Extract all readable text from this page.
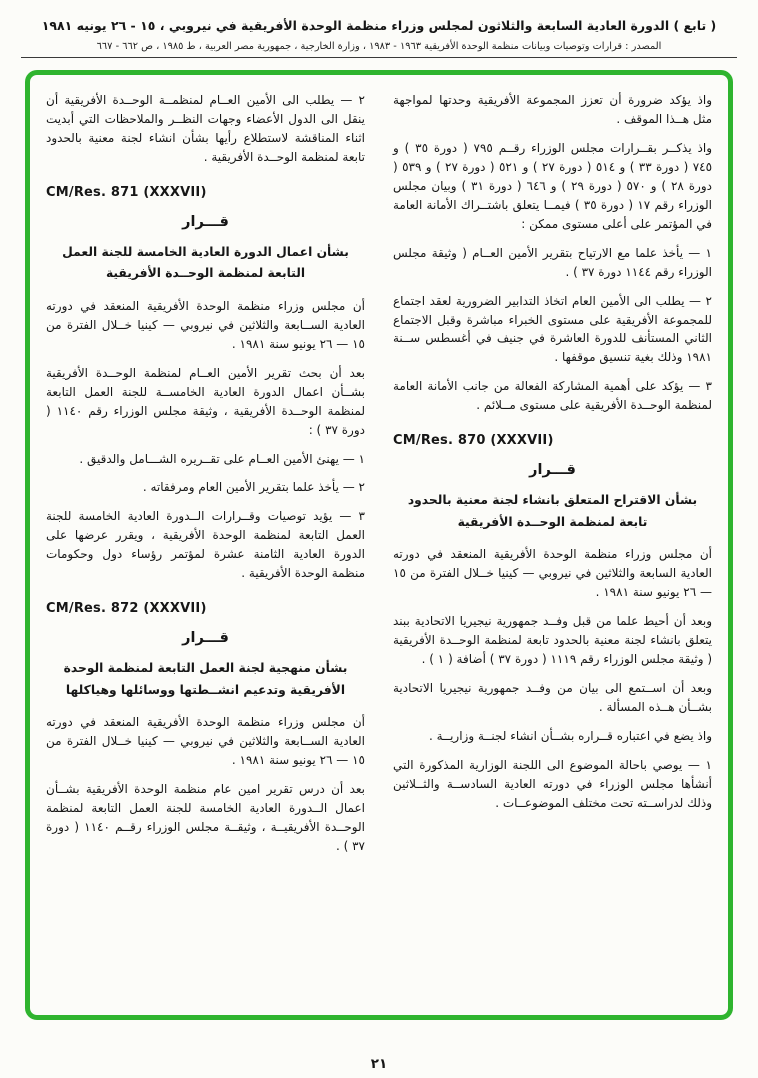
( تابع ) الدورة العادية السابعة والثلاثون لمجلس وزراء منظمة الوحدة الأفريقية في نيروبي ، ١٥ - ٢٦ يونيه ١٩٨١
المصدر : قرارات وتوصيات وبيانات منظمة الوحدة الأفريقية ١٩٦٣ - ١٩٨٣ ، وزارة الخارجية ، جمهورية مصر العربية ، ط ١٩٨٥ ، ص ٦٦٢ - ٦٦٧

واذ يؤكد ضرورة أن تعزز المجموعة الأفريقية وحدتها لمواجهة مثل هــذا الموقف .

واذ يذكــر بقــرارات مجلس الوزراء رقــم ٧٩٥ ( دورة ٣٥ ) و ٧٤٥ ( دورة ٣٣ ) و ٥١٤ ( دورة ٢٧ ) و ٥٢١ ( دورة ٢٧ ) و ٥٣٩ ( دورة ٢٨ ) و ٥٧٠ ( دورة ٢٩ ) و ٦٤٦ ( دورة ٣١ ) وبيان مجلس الوزراء رقم ١٧ ( دورة ٣٥ ) فيمــا يتعلق باشتــراك الأمانة العامة في المؤتمر على أعلى مستوى ممكن :

١ — يأخذ علما مع الارتياح بتقرير الأمين العــام ( وثيقة مجلس الوزراء رقم ١١٤٤ دورة ٣٧ ) .

٢ — يطلب الى الأمين العام اتخاذ التدابير الضرورية لعقد اجتماع للمجموعة الأفريقية على مستوى الخبراء مباشرة وقبل الاجتماع الثاني المستأنف للدورة العاشرة في جنيف في أغسطس ســنة ١٩٨١ وذلك بغية تنسيق موقفها .

٣ — يؤكد على أهمية المشاركة الفعالة من جانب الأمانة العامة لمنظمة الوحــدة الأفريقية على مستوى مــلائم .

CM/Res. 870 (XXXVII)
قـــرار
بشأن الاقتراح المتعلق بانشاء لجنة معنية بالحدود تابعة لمنظمة الوحــدة الأفريقية

أن مجلس وزراء منظمة الوحدة الأفريقية المنعقد في دورته العادية السابعة والثلاثين في نيروبي — كينيا خــلال الفترة من ١٥ — ٢٦ يونيو سنة ١٩٨١ .

وبعد أن أحيط علما من قبل وفــد جمهورية نيجيريا الاتحادية ببند يتعلق بانشاء لجنة معنية بالحدود تابعة لمنظمة الوحــدة الأفريقية ( وثيقة مجلس الوزراء رقم ١١١٩ ( دورة ٣٧ ) أضافة ( ١ ) .

وبعد أن اســتمع الى بيان من وفــد جمهورية نيجيريا الاتحادية بشــأن هــذه المسألة .

واذ يضع في اعتباره قــراره بشــأن انشاء لجنــة وزاريــة .

١ — يوصي باحالة الموضوع الى اللجنة الوزارية المذكورة التي أنشأها مجلس الوزراء في دورته العادية السادســة والثــلاثين وذلك لدراســته تحت مختلف الموضوعــات .

٢ — يطلب الى الأمين العــام لمنظمــة الوحــدة الأفريقية أن ينقل الى الدول الأعضاء وجهات النظــر والملاحظات التي أبديت اثناء المناقشة لاستطلاع رأيها بشأن انشاء لجنة معنية بالحدود تابعة لمنظمة الوحــدة الأفريقية .

CM/Res. 871 (XXXVII)
قـــرار
بشأن اعمال الدورة العادية الخامسة للجنة العمل التابعة لمنظمة الوحــدة الأفريقية

أن مجلس وزراء منظمة الوحدة الأفريقية المنعقد في دورته العادية الســابعة والثلاثين في نيروبي — كينيا خــلال الفترة من ١٥ — ٢٦ يونيو سنة ١٩٨١ .

بعد أن بحث تقرير الأمين العــام لمنظمة الوحــدة الأفريقية بشــأن اعمال الدورة العادية الخامســة للجنة العمل التابعة لمنظمة الوحــدة الأفريقية ، وثيقة مجلس الوزراء رقم ١١٤٠ ( دورة ٣٧ ) :

١ — يهنئ الأمين العــام على تقــريره الشـــامل والدقيق .

٢ — يأخذ علما بتقرير الأمين العام ومرفقاته .

٣ — يؤيد توصيات وقــرارات الــدورة العادية الخامسة للجنة العمل التابعة لمنظمة الوحدة الأفريقية ، ويقرر عرضها على الدورة العادية الثامنة عشرة لمؤتمر رؤساء دول وحكومات منظمة الوحدة الأفريقية .

CM/Res. 872 (XXXVII)
قـــرار
بشأن منهجية لجنة العمل التابعة لمنظمة الوحدة الأفريقية وتدعيم انشــطتها ووسائلها وهياكلها

أن مجلس وزراء منظمة الوحدة الأفريقية المنعقد في دورته العادية الســابعة والثلاثين في نيروبي — كينيا خــلال الفترة من ١٥ — ٢٦ يونيو سنة ١٩٨١ .

بعد أن درس تقرير امين عام منظمة الوحدة الأفريقية بشــأن اعمال الــدورة العادية الخامسة للجنة العمل التابعة لمنظمة الوحــدة الأفريقيــة ، وثيقــة مجلس الوزراء رقــم ١١٤٠ ( دورة ٣٧ ) .

٢١
